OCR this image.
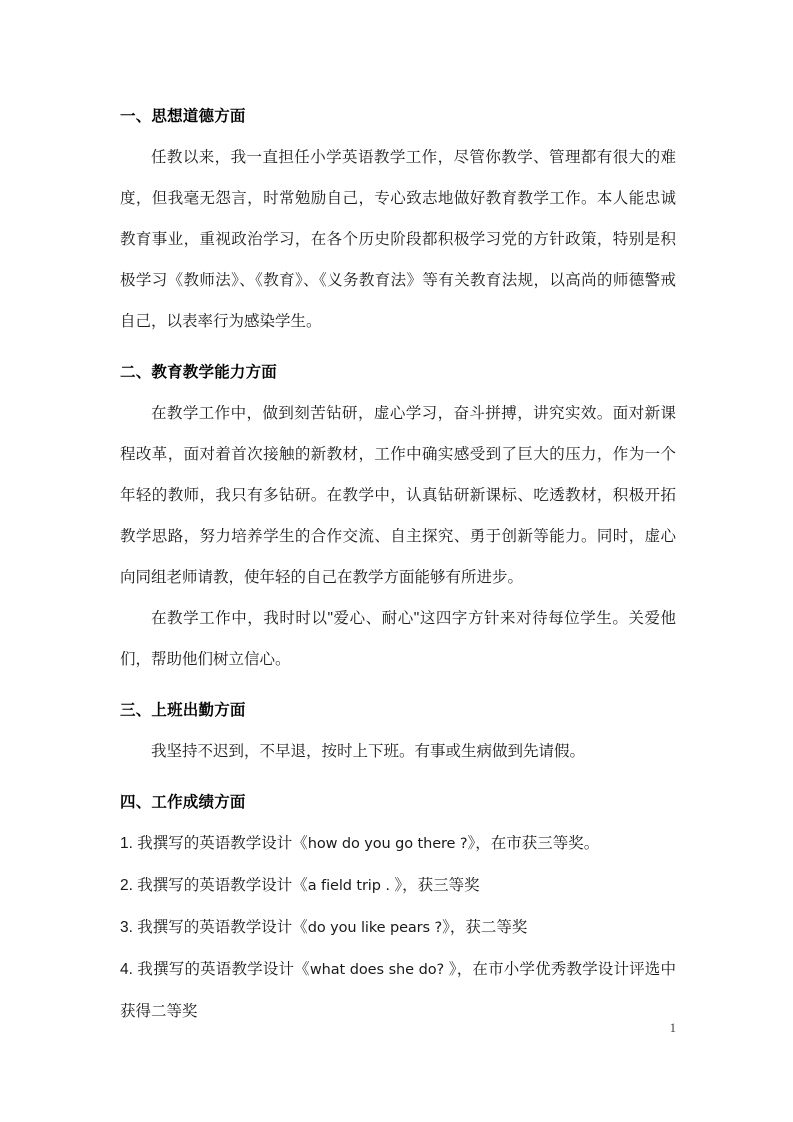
一、思想道德方面

任教以来，我一直担任小学英语教学工作，尽管你教学、管理都有很大的难度，但我毫无怨言，时常勉励自己，专心致志地做好教育教学工作。本人能忠诚教育事业，重视政治学习，在各个历史阶段都积极学习党的方针政策，特别是积极学习《教师法》、《教育》、《义务教育法》等有关教育法规，以高尚的师德警戒自己，以表率行为感染学生。

二、教育教学能力方面

在教学工作中，做到刻苦钻研，虚心学习，奋斗拼搏，讲究实效。面对新课程改革，面对着首次接触的新教材，工作中确实感受到了巨大的压力，作为一个年轻的教师，我只有多钻研。在教学中，认真钻研新课标、吃透教材，积极开拓教学思路，努力培养学生的合作交流、自主探究、勇于创新等能力。同时，虚心向同组老师请教，使年轻的自己在教学方面能够有所进步。

在教学工作中，我时时以"爱心、耐心"这四字方针来对待每位学生。关爱他们，帮助他们树立信心。

三、上班出勤方面

我坚持不迟到，不早退，按时上下班。有事或生病做到先请假。

四、工作成绩方面

1. 我撰写的英语教学设计《how do you go there ?》，在市获三等奖。

2. 我撰写的英语教学设计《a field trip . 》，获三等奖

3. 我撰写的英语教学设计《do you like pears ?》，获二等奖

4. 我撰写的英语教学设计《what does she do? 》，在市小学优秀教学设计评选中获得二等奖

1
